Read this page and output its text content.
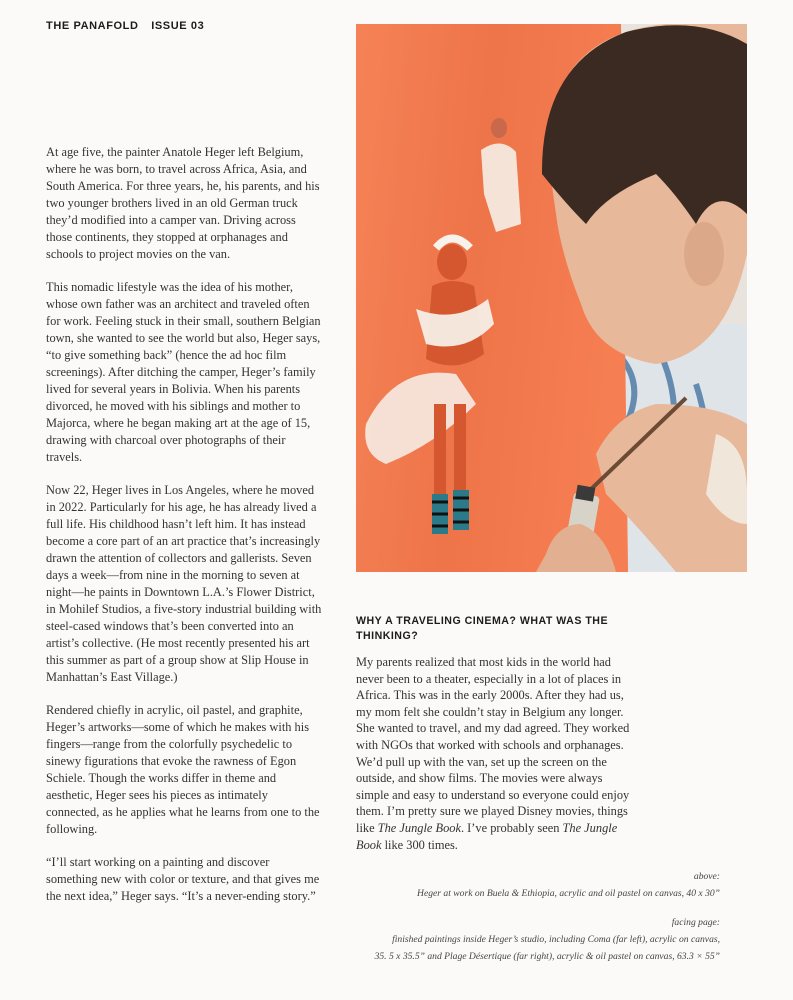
THE PANAFOLD ISSUE 03

At age five, the painter Anatole Heger left Belgium, where he was born, to travel across Africa, Asia, and South America. For three years, he, his parents, and his two younger brothers lived in an old German truck they’d modified into a camper van. Driving across those continents, they stopped at orphanages and schools to project movies on the van.

This nomadic lifestyle was the idea of his mother, whose own father was an architect and traveled often for work. Feeling stuck in their small, southern Belgian town, she wanted to see the world but also, Heger says, “to give something back” (hence the ad hoc film screenings). After ditching the camper, Heger’s family lived for several years in Bolivia. When his parents divorced, he moved with his siblings and mother to Majorca, where he began making art at the age of 15, drawing with charcoal over photographs of their travels.

Now 22, Heger lives in Los Angeles, where he moved in 2022. Particularly for his age, he has already lived a full life. His childhood hasn’t left him. It has instead become a core part of an art practice that’s increasingly drawn the attention of collectors and gallerists. Seven days a week—from nine in the morning to seven at night—he paints in Downtown L.A.’s Flower District, in Mohilef Studios, a five-story industrial building with steel-cased windows that’s been converted into an artist’s collective. (He most recently presented his art this summer as part of a group show at Slip House in Manhattan’s East Village.)

Rendered chiefly in acrylic, oil pastel, and graphite, Heger’s artworks—some of which he makes with his fingers—range from the colorfully psychedelic to sinewy figurations that evoke the rawness of Egon Schiele. Though the works differ in theme and aesthetic, Heger sees his pieces as intimately connected, as he applies what he learns from one to the following.

“I’ll start working on a painting and discover something new with color or texture, and that gives me the next idea,” Heger says. “It’s a never-ending story.”

WHY A TRAVELING CINEMA? WHAT WAS THE THINKING?

My parents realized that most kids in the world had never been to a theater, especially in a lot of places in Africa. This was in the early 2000s. After they had us, my mom felt she couldn’t stay in Belgium any longer. She wanted to travel, and my dad agreed. They worked with NGOs that worked with schools and orphanages. We’d pull up with the van, set up the screen on the outside, and show films. The movies were always simple and easy to understand so everyone could enjoy them. I’m pretty sure we played Disney movies, things like The Jungle Book. I’ve probably seen The Jungle Book like 300 times.

above:
Heger at work on Buela & Ethiopia, acrylic and oil pastel on canvas, 40 x 30”
facing page:
finished paintings inside Heger’s studio, including Coma (far left), acrylic on canvas,
35. 5 x 35.5” and Plage Désertique (far right), acrylic & oil pastel on canvas, 63.3 × 55”
